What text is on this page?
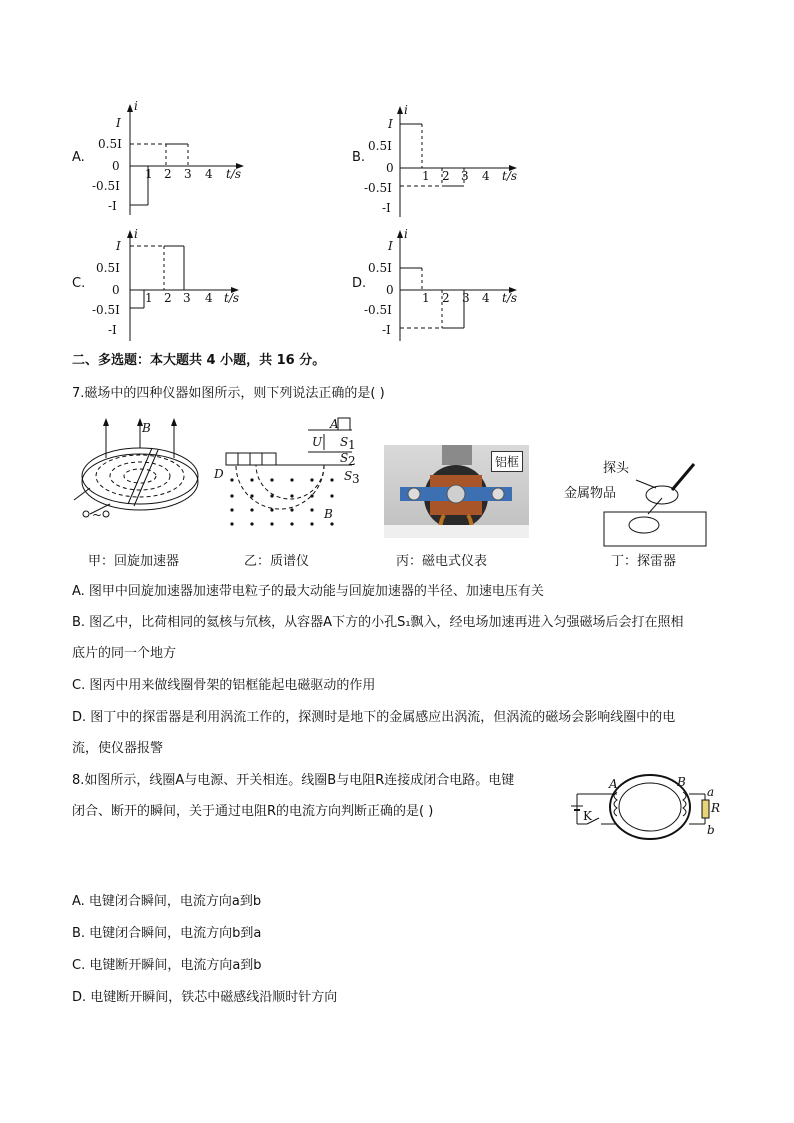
A.
i
t/s
I
0.5I
0
-0.5I
-I
1 2 3 4
B.
i
t/s
I
0.5I
0
-0.5I
-I
1 2 3 4
C.
i
t/s
I
0.5I
0
-0.5I
-I
1 2 3 4
D.
i
t/s
I
0.5I
0
-0.5I
-I
1 2 3 4
二、多选题：本大题共 4 小题，共 16 分。
7.磁场中的四种仪器如图所示，则下列说法正确的是( )
B
~
甲：回旋加速器
D
U
A
S 1
S 2
S 3
B
乙：质谱仪
铝框
丙：磁电式仪表
探头
金属物品
丁：探雷器
A. 图甲中回旋加速器加速带电粒子的最大动能与回旋加速器的半径、加速电压有关
B. 图乙中，比荷相同的氦核与氘核，从容器A下方的小孔S₁飘入，经电场加速再进入匀强磁场后会打在照相
底片的同一个地方
C. 图丙中用来做线圈骨架的铝框能起电磁驱动的作用
D. 图丁中的探雷器是利用涡流工作的，探测时是地下的金属感应出涡流，但涡流的磁场会影响线圈中的电
流，使仪器报警
8.如图所示，线圈A与电源、开关相连。线圈B与电阻R连接成闭合电路。电键
闭合、断开的瞬间，关于通过电阻R的电流方向判断正确的是( )
A	B
K
a
R
b
A. 电键闭合瞬间，电流方向a到b
B. 电键闭合瞬间，电流方向b到a
C. 电键断开瞬间，电流方向a到b
D. 电键断开瞬间，铁芯中磁感线沿顺时针方向
